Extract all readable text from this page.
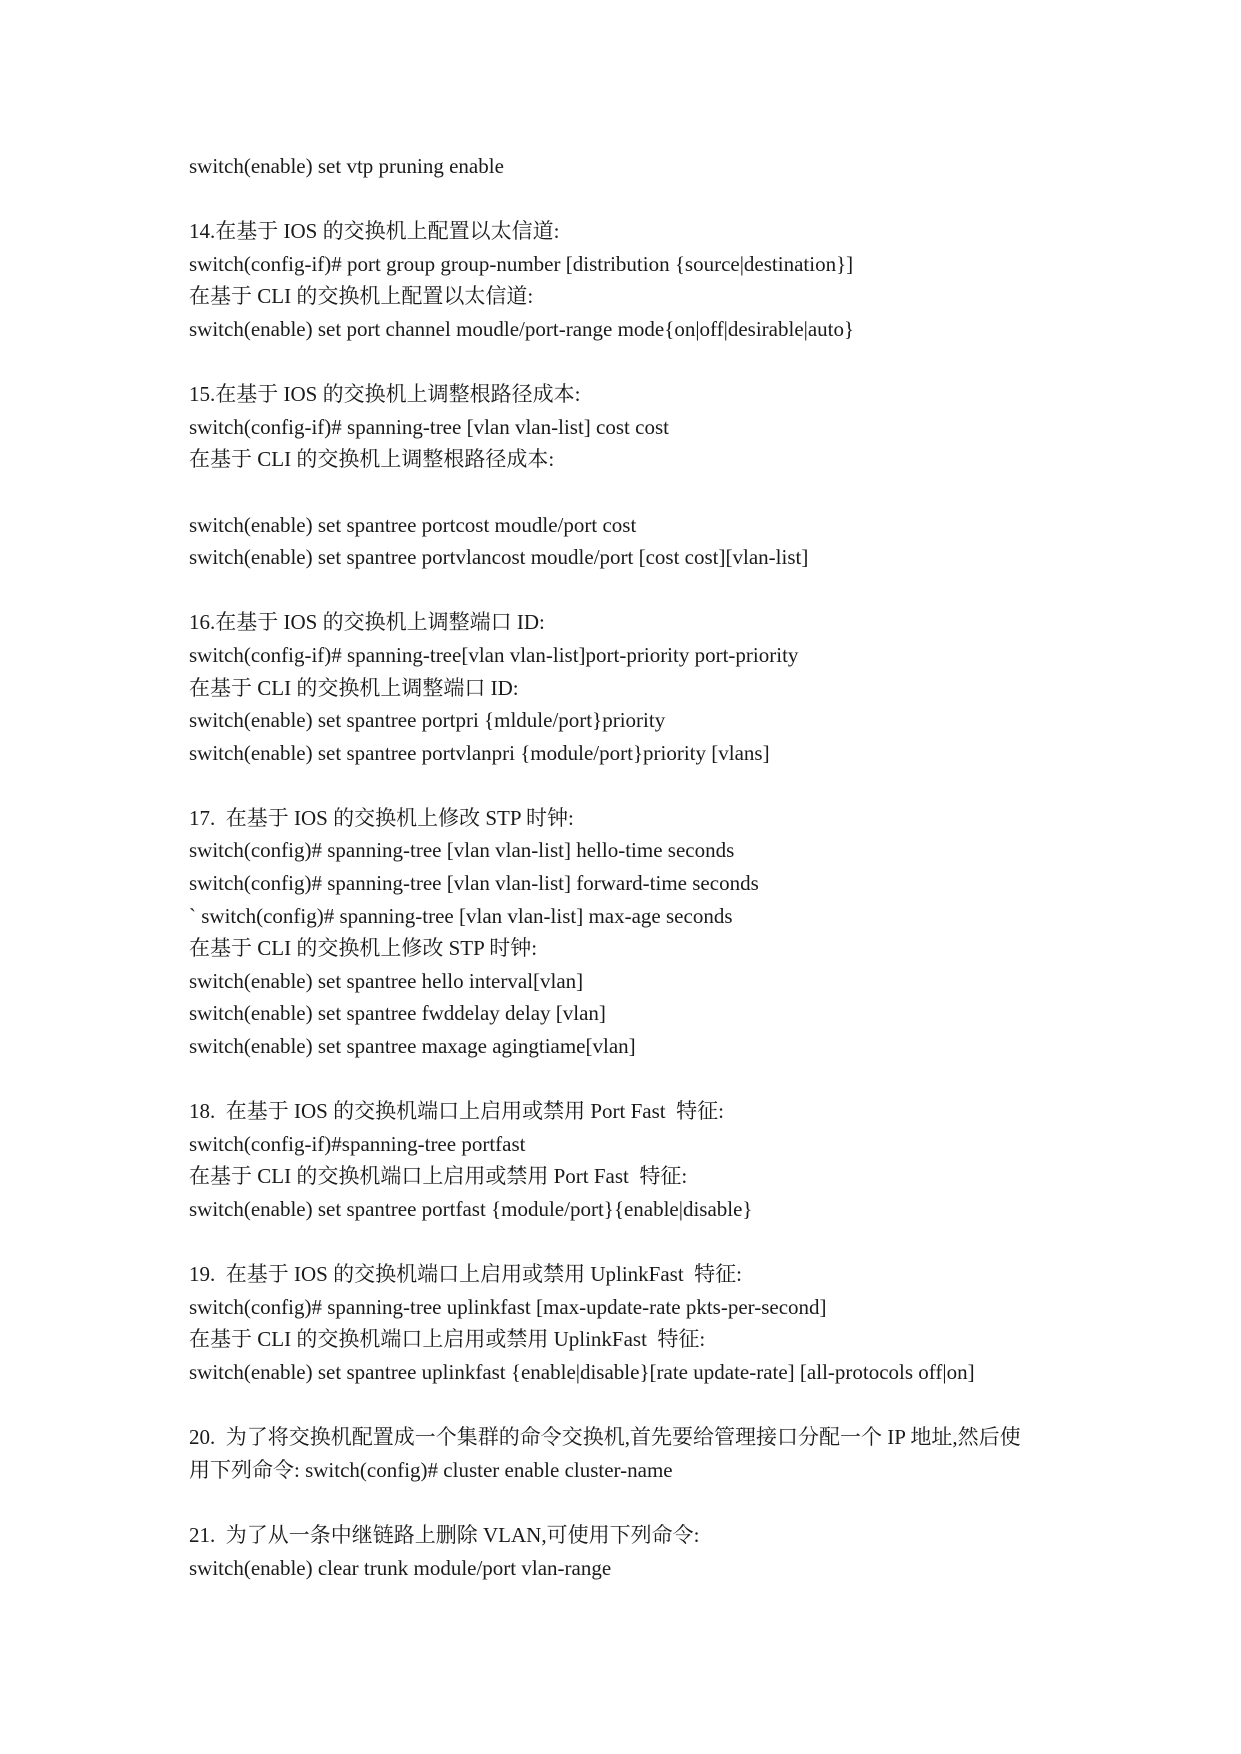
switch(enable) set vtp pruning enable

14.在基于 IOS 的交换机上配置以太信道:

switch(config-if)# port group group-number [distribution {source|destination}]

在基于 CLI 的交换机上配置以太信道:

switch(enable) set port channel moudle/port-range mode{on|off|desirable|auto}

15.在基于 IOS 的交换机上调整根路径成本:

switch(config-if)# spanning-tree [vlan vlan-list] cost cost

在基于 CLI 的交换机上调整根路径成本:

switch(enable) set spantree portcost moudle/port cost

switch(enable) set spantree portvlancost moudle/port [cost cost][vlan-list]

16.在基于 IOS 的交换机上调整端口 ID:

switch(config-if)# spanning-tree[vlan vlan-list]port-priority port-priority

在基于 CLI 的交换机上调整端口 ID:

switch(enable) set spantree portpri {mldule/port}priority

switch(enable) set spantree portvlanpri {module/port}priority [vlans]

17.  在基于 IOS 的交换机上修改 STP 时钟:

switch(config)# spanning-tree [vlan vlan-list] hello-time seconds

switch(config)# spanning-tree [vlan vlan-list] forward-time seconds

` switch(config)# spanning-tree [vlan vlan-list] max-age seconds

在基于 CLI 的交换机上修改 STP 时钟:

switch(enable) set spantree hello interval[vlan]

switch(enable) set spantree fwddelay delay [vlan]

switch(enable) set spantree maxage agingtiame[vlan]

18.  在基于 IOS 的交换机端口上启用或禁用 Port Fast  特征:

switch(config-if)#spanning-tree portfast

在基于 CLI 的交换机端口上启用或禁用 Port Fast  特征:

switch(enable) set spantree portfast {module/port}{enable|disable}

19.  在基于 IOS 的交换机端口上启用或禁用 UplinkFast  特征:

switch(config)# spanning-tree uplinkfast [max-update-rate pkts-per-second]

在基于 CLI 的交换机端口上启用或禁用 UplinkFast  特征:

switch(enable) set spantree uplinkfast {enable|disable}[rate update-rate] [all-protocols off|on]

20.  为了将交换机配置成一个集群的命令交换机,首先要给管理接口分配一个 IP 地址,然后使

用下列命令: switch(config)# cluster enable cluster-name

21.  为了从一条中继链路上删除 VLAN,可使用下列命令:

switch(enable) clear trunk module/port vlan-range
